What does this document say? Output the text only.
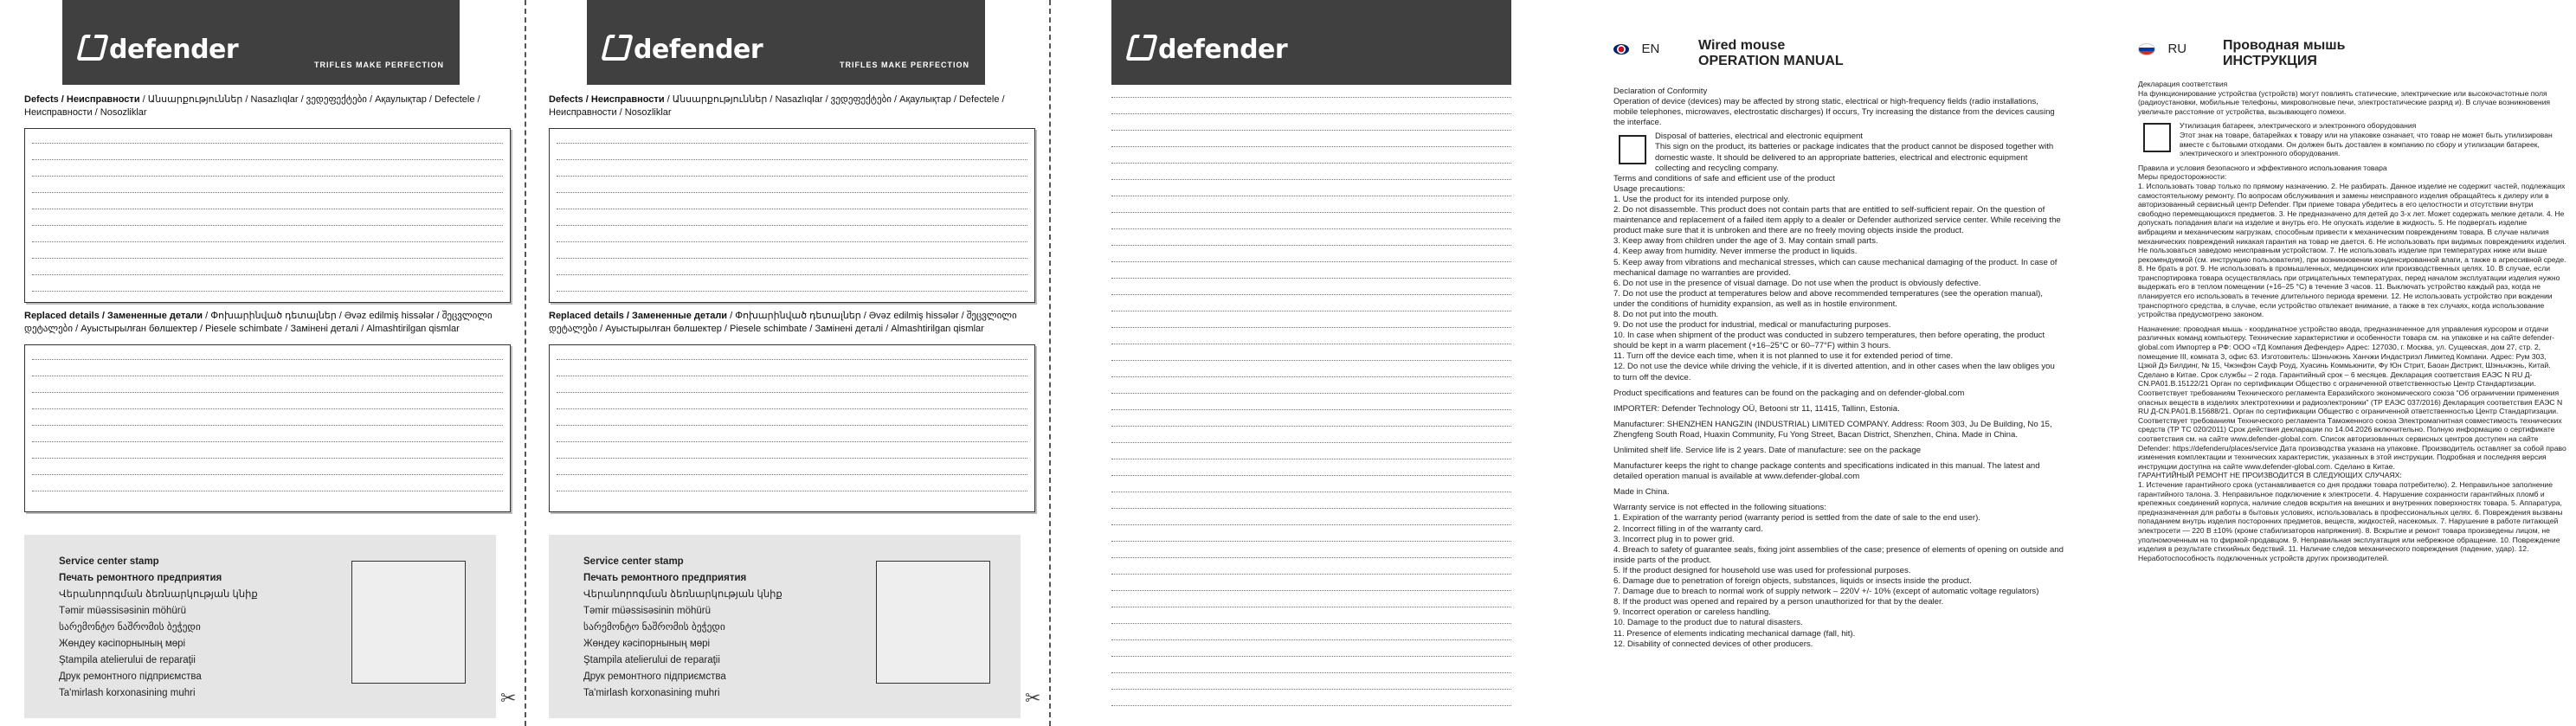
✂	✂
defender	TRIFLES MAKE PERFECTION
Defects / Неисправности / Անսարքություններ / Nasazlıqlar / ვედეფექტები / Ақаулықтар / Defectele / Неисправности / Nosozliklar
Replaced details / Замененные детали / Փոխարինված դետալներ / Əvəz edilmiş hissələr / შეცვლილი დეტალები / Ауыстырылған бөлшектер / Piesele schimbate / Замінені деталі / Almashtirilgan qismlar
Service center stamp
Печать ремонтного предприятия
Վերանորոգման ձեռնարկության կնիք
Təmir müəssisəsinin möhürü
სარემონტო ნაშრომის ბეჭედი
Жөндеу кәсіпорнының мөрі
Ştampila atelierului de reparaţii
Друк ремонтного підприємства
Ta'mirlash korxonasining muhri
defender	TRIFLES MAKE PERFECTION
Defects / Неисправности / Անսարքություններ / Nasazlıqlar / ვედეფექტები / Ақаулықтар / Defectele / Неисправности / Nosozliklar
Replaced details / Замененные детали / Փոխարինված դետալներ / Əvəz edilmiş hissələr / შეცვლილი დეტალები / Ауыстырылған бөлшектер / Piesele schimbate / Замінені деталі / Almashtirilgan qismlar
Service center stamp
Печать ремонтного предприятия
Վերանորոգման ձեռնարկության կնիք
Təmir müəssisəsinin möhürü
სარემონტო ნაშრომის ბეჭედი
Жөндеу кәсіпорнының мөрі
Ştampila atelierului de reparaţii
Друк ремонтного підприємства
Ta'mirlash korxonasining muhri
defender	EN	Wired mouse
OPERATION MANUAL

Declaration of Conformity

Operation of device (devices) may be affected by strong static, electrical or high-frequency fields (radio installations, mobile telephones, microwaves, electrostatic discharges) If occurs, Try increasing the distance from the devices causing the interface.

Disposal of batteries, electrical and electronic equipment

This sign on the product, its batteries or package indicates that the product cannot be disposed together with domestic waste. It should be delivered to an appropriate batteries, electrical and electronic equipment collecting and recycling company.

Terms and conditions of safe and efficient use of the product

Usage precautions:

1. Use the product for its intended purpose only.
2. Do not disassemble. This product does not contain parts that are entitled to self-sufficient repair. On the question of maintenance and replacement of a failed item apply to a dealer or Defender authorized service center. While receiving the product make sure that it is unbroken and there are no freely moving objects inside the product.
3. Keep away from children under the age of 3. May contain small parts.
4. Keep away from humidity. Never immerse the product in liquids.
5. Keep away from vibrations and mechanical stresses, which can cause mechanical damaging of the product. In case of mechanical damage no warranties are provided.
6. Do not use in the presence of visual damage. Do not use when the product is obviously defective.
7. Do not use the product at temperatures below and above recommended temperatures (see the operation manual), under the conditions of humidity expansion, as well as in hostile environment.
8. Do not put into the mouth.
9. Do not use the product for industrial, medical or manufacturing purposes.
10. In case when shipment of the product was conducted in subzero temperatures, then before operating, the product should be kept in a warm placement (+16–25°C or 60–77°F) within 3 hours.
11. Turn off the device each time, when it is not planned to use it for extended period of time.
12. Do not use the device while driving the vehicle, if it is diverted attention, and in other cases when the law obliges you to turn off the device.

Product specifications and features can be found on the packaging and on defender-global.com

IMPORTER: Defender Technology OÜ, Betooni str 11, 11415, Tallinn, Estonia.

Manufacturer: SHENZHEN HANGZIN (INDUSTRIAL) LIMITED COMPANY. Address: Room 303, Ju De Building, No 15, Zhengfeng South Road, Huaxin Community, Fu Yong Street, Bacan District, Shenzhen, China. Made in China.

Unlimited shelf life. Service life is 2 years. Date of manufacture: see on the package

Manufacturer keeps the right to change package contents and specifications indicated in this manual. The latest and detailed operation manual is available at www.defender-global.com

Made in China.

Warranty service is not effected in the following situations:

1. Expiration of the warranty period (warranty period is settled from the date of sale to the end user).
2. Incorrect filling in of the warranty card.
3. Incorrect plug in to power grid.
4. Breach to safety of guarantee seals, fixing joint assemblies of the case; presence of elements of opening on outside and inside parts of the product.
5. If the product designed for household use was used for professional purposes.
6. Damage due to penetration of foreign objects, substances, liquids or insects inside the product.
7. Damage due to breach to normal work of supply network – 220V +/- 10% (except of automatic voltage regulators)
8. If the product was opened and repaired by a person unauthorized for that by the dealer.
9. Incorrect operation or careless handling.
10. Damage to the product due to natural disasters.
11. Presence of elements indicating mechanical damage (fall, hit).
12. Disability of connected devices of other producers.

RU	Проводная мышь
ИНСТРУКЦИЯ

Декларация соответствия

На функционирование устройства (устройств) могут повлиять статические, электрические или высокочастотные поля (радиоустановки, мобильные телефоны, микроволновые печи, электростатические разряд и). В случае возникновения увеличьте расстояние от устройства, вызывающего помехи.

Утилизация батареек, электрического и электронного оборудования

Этот знак на товаре, батарейках к товару или на упаковке означает, что товар не может быть утилизирован вместе с бытовыми отходами. Он должен быть доставлен в компанию по сбору и утилизации батареек, электрического и электронного оборудования.

Правила и условия безопасного и эффективного использования товара

Меры предосторожности:

1. Использовать товар только по прямому назначению. 2. Не разбирать. Данное изделие не содержит частей, подлежащих самостоятельному ремонту. По вопросам обслуживания и замены неисправного изделия обращайтесь к дилеру или в авторизованный сервисный центр Defender. При приеме товара убедитесь в его целостности и отсутствии внутри свободно перемещающихся предметов. 3. Не предназначено для детей до 3-х лет. Может содержать мелкие детали. 4. Не допускать попадания влаги на изделие и внутрь его. Не опускать изделие в жидкость. 5. Не подвергать изделие вибрациям и механическим нагрузкам, способным привести к механическим повреждениям товара. В случае наличия механических повреждений никакая гарантия на товар не дается. 6. Не использовать при видимых повреждениях изделия. Не пользоваться заведомо неисправным устройством. 7. Не использовать изделие при температурах ниже или выше рекомендуемой (см. инструкцию пользователя), при возникновении конденсированной влаги, а также в агрессивной среде. 8. Не брать в рот. 9. Не использовать в промышленных, медицинских или производственных целях. 10. В случае, если транспортировка товара осуществлялась при отрицательных температурах, перед началом эксплуатации изделия нужно выдержать его в теплом помещении (+16–25 °C) в течение 3 часов. 11. Выключать устройство каждый раз, когда не планируется его использовать в течение длительного периода времени. 12. Не использовать устройство при вождении транспортного средства, в случае, если устройство отвлекает внимание, а также в тех случаях, когда использование устройства предусмотрено законом.

Назначение: проводная мышь - координатное устройство ввода, предназначенное для управления курсором и отдачи различных команд компьютеру. Технические характеристики и особенности товара см. на упаковке и на сайте defender-global.com Импортер в РФ: ООО «ТД Компания Дефендер» Адрес: 127030, г. Москва, ул. Сущевская, дом 27, стр. 2, помещение III, комната 3, офис 63. Изготовитель: Шэньчжэнь Ханчжи Индастриэл Лимитед Компани. Адрес: Рум 303, Цзюй Дэ Билдинг, № 15, Чжэнфэн Сауф Роуд, Хуасинь Коммьюнити, Фу Юн Стрит, Баоан Дистрикт, Шэньчжэнь, Китай. Сделано в Китае. Срок службы – 2 года. Гарантийный срок – 6 месяцев. Декларация соответствия ЕАЭС N RU Д-CN.PA01.B.15122/21 Орган по сертификации Общество с ограниченной ответственностью Центр Стандартизации. Соответствует требованиям Технического регламента Евразийского экономического союза “Об ограничении применения опасных веществ в изделиях электротехники и радиоэлектроники” (ТР ЕАЭС 037/2016) Декларация соответствия ЕАЭС N RU Д-CN.PA01.B.15688/21. Орган по сертификации Общество с ограниченной ответственностью Центр Стандартизации. Соответствует требованиям Технического регламента Таможенного союза Электромагнитная совместимость технических средств (ТР ТС 020/2011) Срок действия декларации по 14.04.2026 включительно. Полную информацию о сертификате соответствия см. на сайте www.defender-global.com. Список авторизованных сервисных центров доступен на сайте Defender: https://defenderu/places/service Дата производства указана на упаковке. Производитель оставляет за собой право изменения комплектации и технических характеристик, указанных в этой инструкции. Подробная и последняя версия инструкции доступна на сайте www.defender-global.com. Сделано в Китае.

ГАРАНТИЙНЫЙ РЕМОНТ НЕ ПРОИЗВОДИТСЯ В СЛЕДУЮЩИХ СЛУЧАЯХ:

1. Истечение гарантийного срока (устанавливается со дня продажи товара потребителю). 2. Неправильное заполнение гарантийного талона. 3. Неправильное подключение к электросети. 4. Нарушение сохранности гарантийных пломб и крепежных соединений корпуса, наличие следов вскрытия на внешних и внутренних поверхностях товара. 5. Аппаратура, предназначенная для работы в бытовых условиях, использовалась в профессиональных целях. 6. Повреждения вызваны попаданием внутрь изделия посторонних предметов, веществ, жидкостей, насекомых. 7. Нарушение в работе питающей электросети — 220 В ±10% (кроме стабилизаторов напряжения). 8. Вскрытие и ремонт товара произведены лицом, не уполномоченным на то фирмой-продавцом. 9. Неправильная эксплуатация или небрежное обращение. 10. Повреждение изделия в результате стихийных бедствий. 11. Наличие следов механического повреждения (падение, удар). 12. Неработоспособность подключенных устройств других производителей.
